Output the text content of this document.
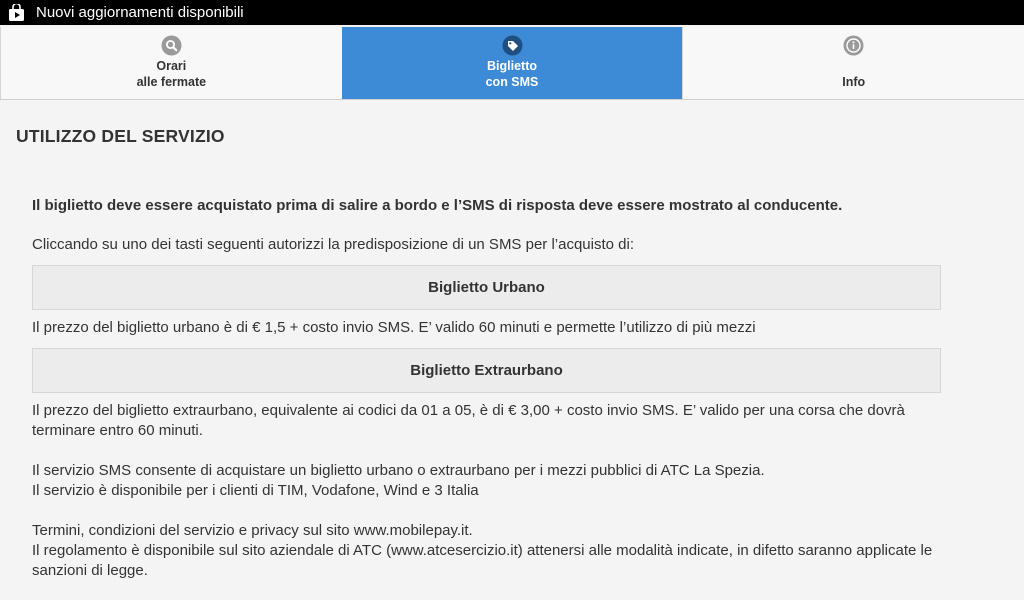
Nuovi aggiornamenti disponibili
Orari
alle fermate
Biglietto
con SMS	Info
UTILIZZO DEL SERVIZIO
Il biglietto deve essere acquistato prima di salire a bordo e l’SMS di risposta deve essere mostrato al conducente.
Cliccando su uno dei tasti seguenti autorizzi la predisposizione di un SMS per l’acquisto di:
Biglietto Urbano
Il prezzo del biglietto urbano è di € 1,5 + costo invio SMS. E’ valido 60 minuti e permette l’utilizzo di più mezzi
Biglietto Extraurbano
Il prezzo del biglietto extraurbano, equivalente ai codici da 01 a 05, è di € 3,00 + costo invio SMS. E’ valido per una corsa che dovrà terminare entro 60 minuti.
Il servizio SMS consente di acquistare un biglietto urbano o extraurbano per i mezzi pubblici di ATC La Spezia.
Il servizio è disponibile per i clienti di TIM, Vodafone, Wind e 3 Italia
Termini, condizioni del servizio e privacy sul sito www.mobilepay.it.
Il regolamento è disponibile sul sito aziendale di ATC (www.atcesercizio.it) attenersi alle modalità indicate, in difetto saranno applicate le sanzioni di legge.
